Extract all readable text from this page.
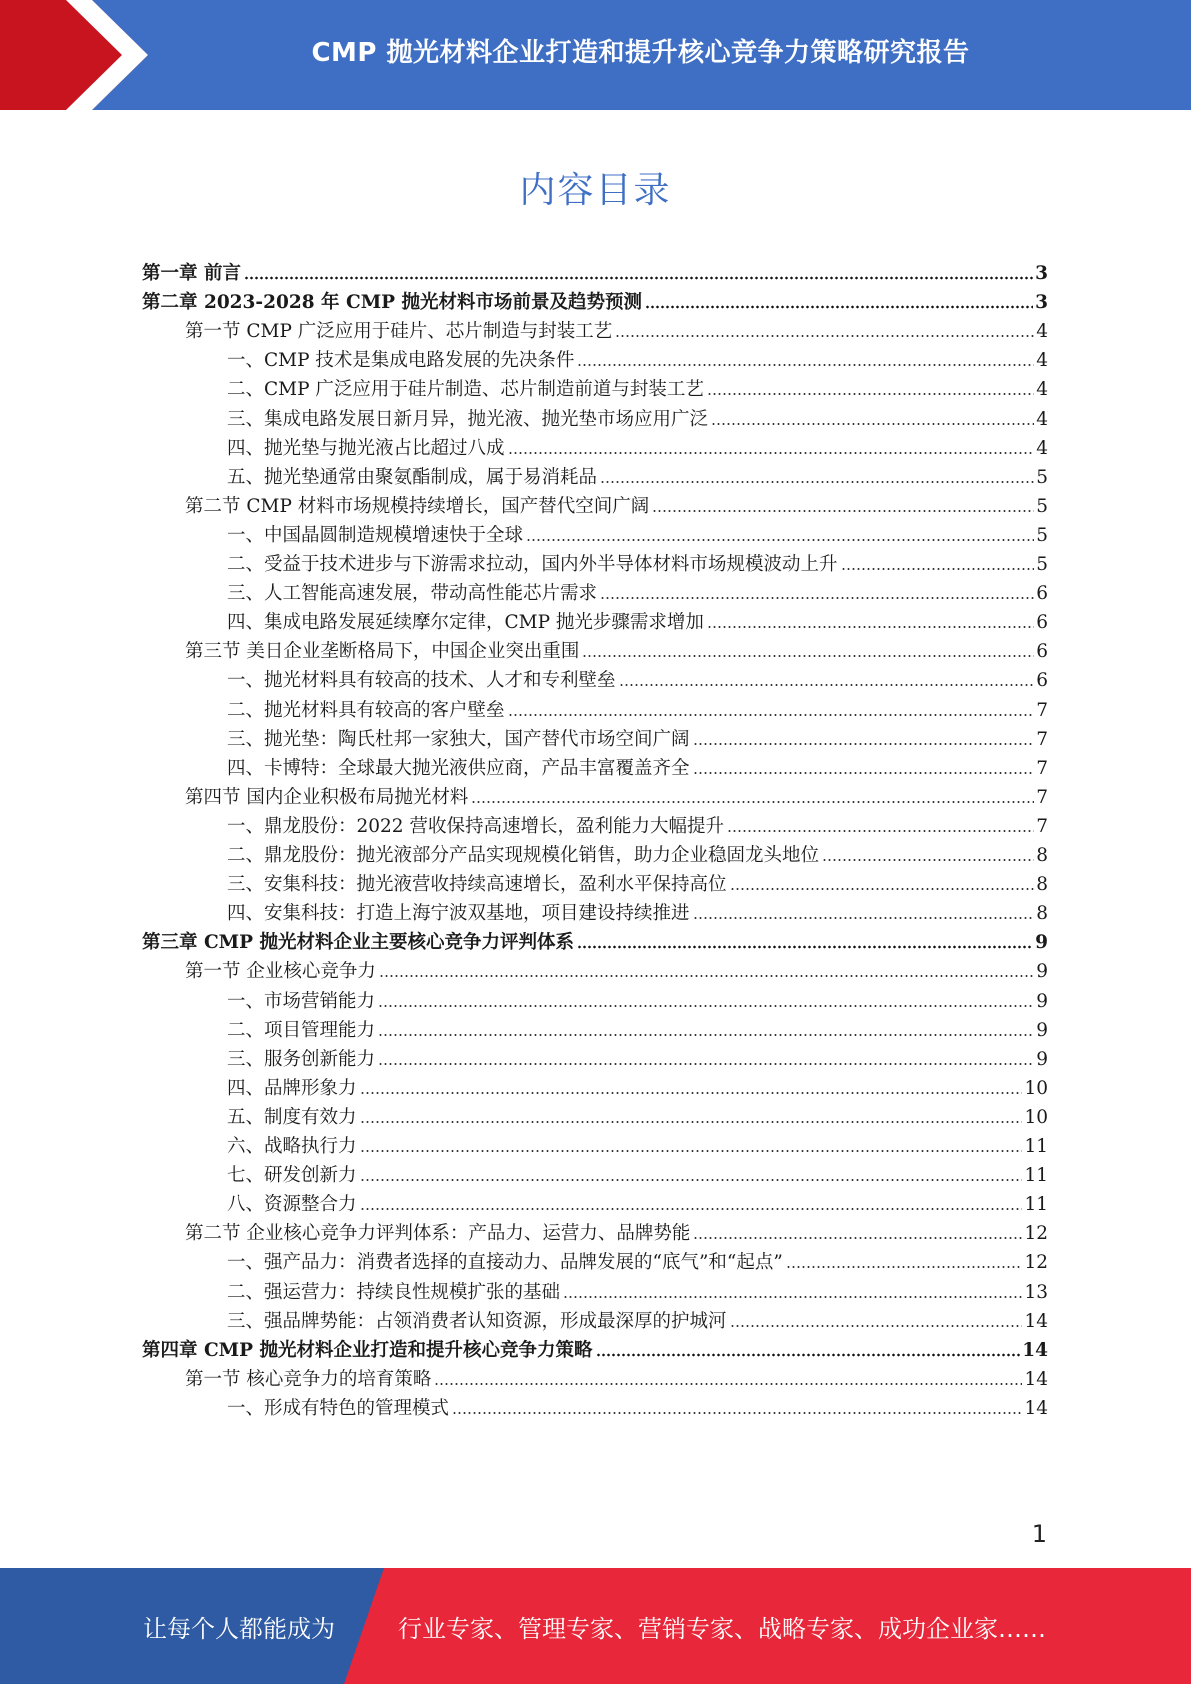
CMP 抛光材料企业打造和提升核心竞争力策略研究报告
内容目录
第一章 前言	3
第二章 2023-2028 年 CMP 抛光材料市场前景及趋势预测	3
第一节 CMP 广泛应用于硅片、芯片制造与封装工艺	4
一、CMP 技术是集成电路发展的先决条件	4
二、CMP 广泛应用于硅片制造、芯片制造前道与封装工艺	4
三、集成电路发展日新月异，抛光液、抛光垫市场应用广泛	4
四、抛光垫与抛光液占比超过八成	4
五、抛光垫通常由聚氨酯制成，属于易消耗品	5
第二节 CMP 材料市场规模持续增长，国产替代空间广阔	5
一、中国晶圆制造规模增速快于全球	5
二、受益于技术进步与下游需求拉动，国内外半导体材料市场规模波动上升	5
三、人工智能高速发展，带动高性能芯片需求	6
四、集成电路发展延续摩尔定律，CMP 抛光步骤需求增加	6
第三节 美日企业垄断格局下，中国企业突出重围	6
一、抛光材料具有较高的技术、人才和专利壁垒	6
二、抛光材料具有较高的客户壁垒	7
三、抛光垫：陶氏杜邦一家独大，国产替代市场空间广阔	7
四、卡博特：全球最大抛光液供应商，产品丰富覆盖齐全	7
第四节 国内企业积极布局抛光材料	7
一、鼎龙股份：2022 营收保持高速增长，盈利能力大幅提升	7
二、鼎龙股份：抛光液部分产品实现规模化销售，助力企业稳固龙头地位	8
三、安集科技：抛光液营收持续高速增长，盈利水平保持高位	8
四、安集科技：打造上海宁波双基地，项目建设持续推进	8
第三章 CMP 抛光材料企业主要核心竞争力评判体系	9
第一节 企业核心竞争力	9
一、市场营销能力	9
二、项目管理能力	9
三、服务创新能力	9
四、品牌形象力	10
五、制度有效力	10
六、战略执行力	11
七、研发创新力	11
八、资源整合力	11
第二节 企业核心竞争力评判体系：产品力、运营力、品牌势能	12
一、强产品力：消费者选择的直接动力、品牌发展的“底气”和“起点”	12
二、强运营力：持续良性规模扩张的基础	13
三、强品牌势能：占领消费者认知资源，形成最深厚的护城河	14
第四章 CMP 抛光材料企业打造和提升核心竞争力策略	14
第一节 核心竞争力的培育策略	14
一、形成有特色的管理模式	14
1
让每个人都能成为	行业专家、管理专家、营销专家、战略专家、成功企业家……
